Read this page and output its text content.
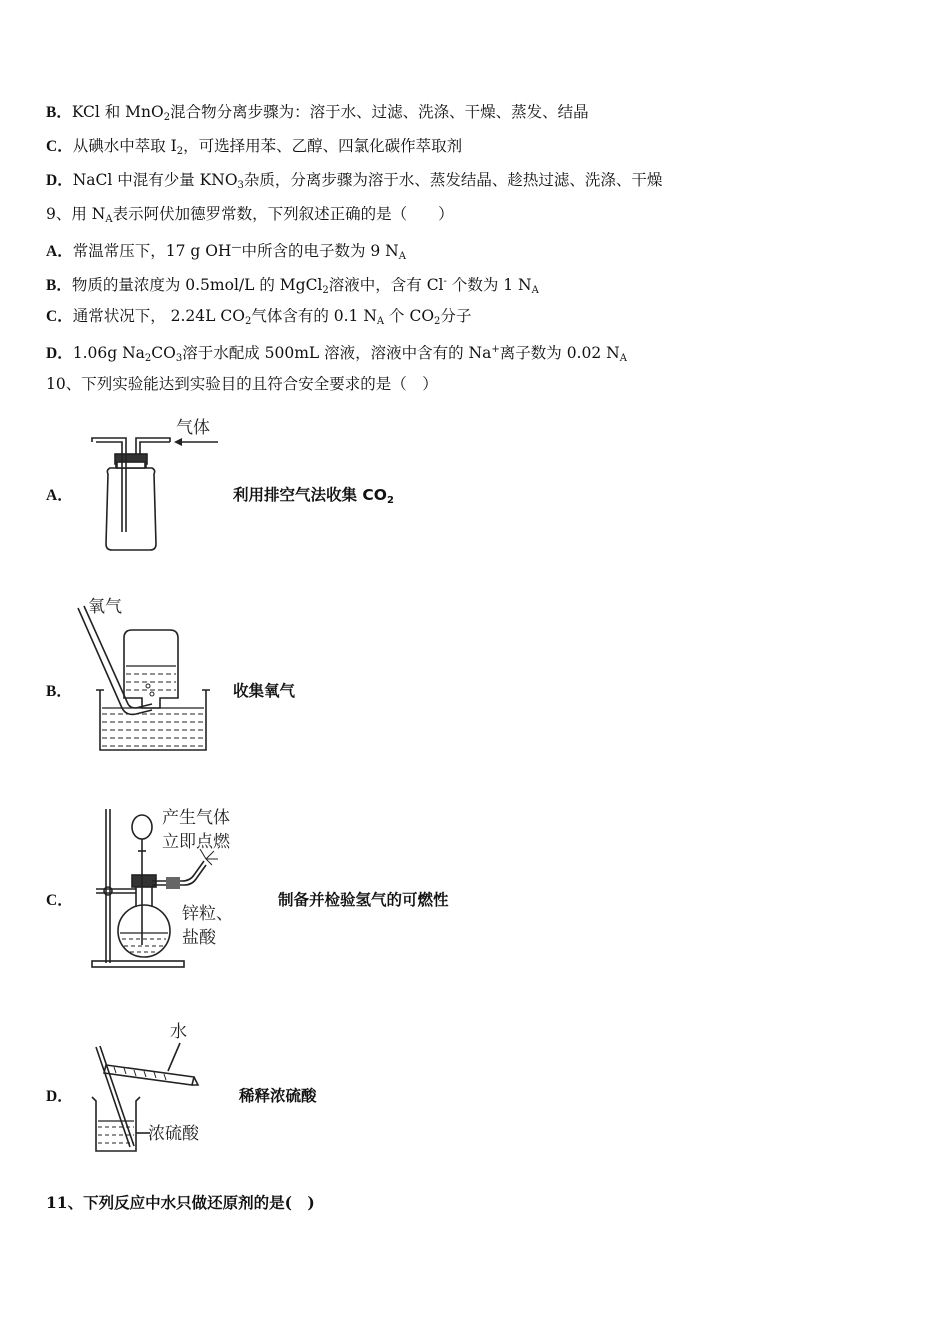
B．KCl 和 MnO$_2$混合物分离步骤为：溶于水、过滤、洗涤、干燥、蒸发、结晶
C．从碘水中萃取 $I_2$，可选择用苯、乙醇、四氯化碳作萃取剂
D．NaCl 中混有少量 $KNO_3$杂质，分离步骤为溶于水、蒸发结晶、趁热过滤、洗涤、干燥
9、用 $N_A$表示阿伏加德罗常数，下列叙述正确的是（　　）
A．常温常压下，17 g OH—中所含的电子数为 9 $N_A$
B．物质的量浓度为 0.5mol/L 的 MgCl$_2$溶液中，含有 Cl- 个数为 1 $N_A$
C．通常状况下， 2.24L $CO_2$气体含有的 0.1 $N_A$ 个 $CO_2$分子
D．1.06g $Na_2CO_3$溶于水配成 500mL 溶液，溶液中含有的 Na+离子数为 0.02 $N_A$
10、下列实验能达到实验目的且符合安全要求的是（　）
A．
气体
利用排空气法收集 $CO_2$
B．
氧气
收集氧气
C．
产生气体
立即点燃
锌粒、
盐酸
制备并检验氢气的可燃性
D．
水
浓硫酸
稀释浓硫酸
11、下列反应中水只做还原剂的是(　)
